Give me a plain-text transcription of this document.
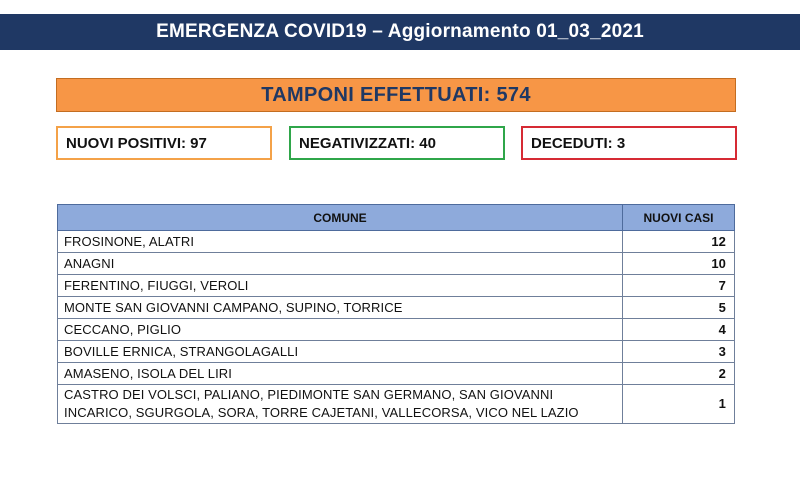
EMERGENZA COVID19 – Aggiornamento 01_03_2021
TAMPONI EFFETTUATI: 574
NUOVI POSITIVI: 97	NEGATIVIZZATI: 40	DECEDUTI: 3
COMUNE	NUOVI CASI
FROSINONE, ALATRI	12
ANAGNI	10
FERENTINO, FIUGGI, VEROLI	7
MONTE SAN GIOVANNI CAMPANO, SUPINO, TORRICE	5
CECCANO, PIGLIO	4
BOVILLE ERNICA, STRANGOLAGALLI	3
AMASENO, ISOLA DEL LIRI	2
CASTRO DEI VOLSCI, PALIANO, PIEDIMONTE SAN GERMANO, SAN GIOVANNI INCARICO, SGURGOLA, SORA, TORRE CAJETANI, VALLECORSA, VICO NEL LAZIO	1
